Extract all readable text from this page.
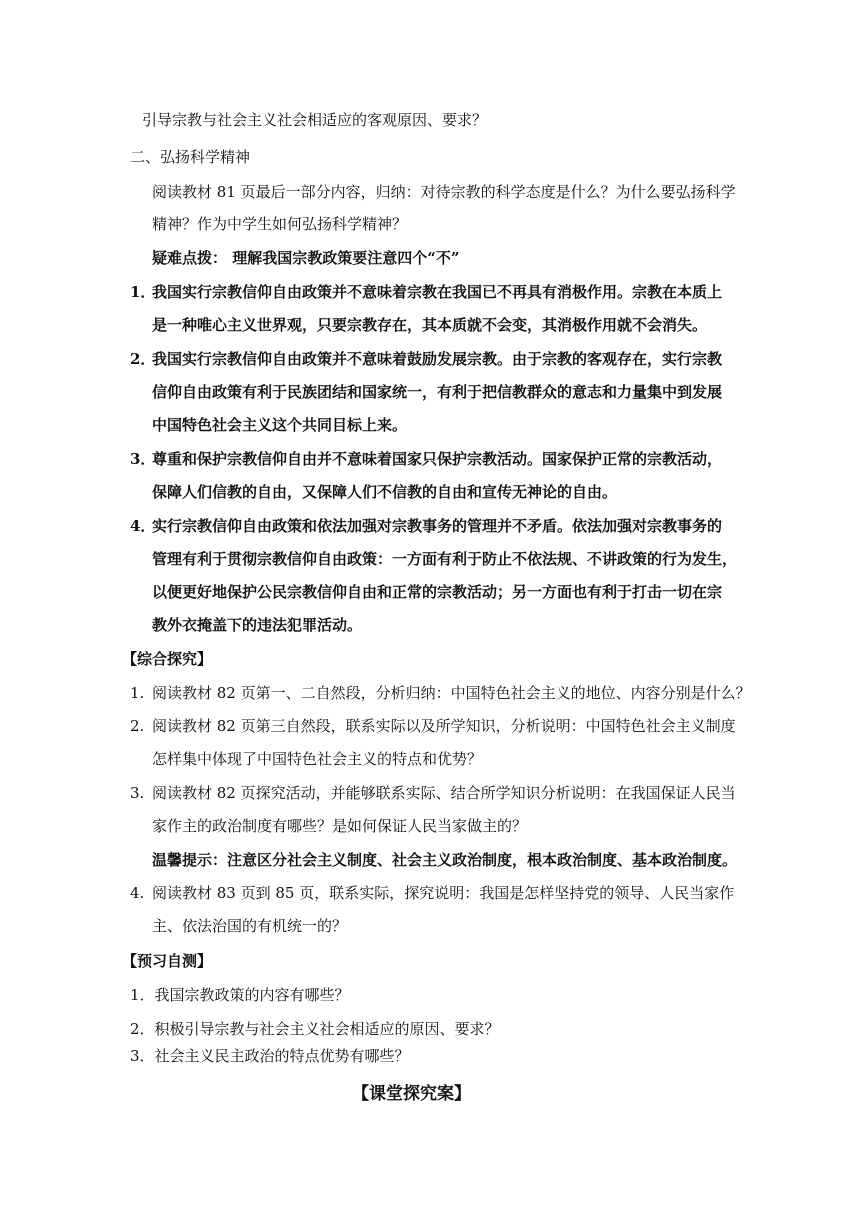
引导宗教与社会主义社会相适应的客观原因、要求？
二、弘扬科学精神
阅读教材 81 页最后一部分内容，归纳：对待宗教的科学态度是什么？为什么要弘扬科学
精神？作为中学生如何弘扬科学精神？
疑难点拨： 理解我国宗教政策要注意四个“不”
1．
我国实行宗教信仰自由政策并不意味着宗教在我国已不再具有消极作用。宗教在本质上
是一种唯心主义世界观，只要宗教存在，其本质就不会变，其消极作用就不会消失。
2．
我国实行宗教信仰自由政策并不意味着鼓励发展宗教。由于宗教的客观存在，实行宗教
信仰自由政策有利于民族团结和国家统一，有利于把信教群众的意志和力量集中到发展
中国特色社会主义这个共同目标上来。
3．
尊重和保护宗教信仰自由并不意味着国家只保护宗教活动。国家保护正常的宗教活动，
保障人们信教的自由，又保障人们不信教的自由和宣传无神论的自由。
4．
实行宗教信仰自由政策和依法加强对宗教事务的管理并不矛盾。依法加强对宗教事务的
管理有利于贯彻宗教信仰自由政策：一方面有利于防止不依法规、不讲政策的行为发生，
以便更好地保护公民宗教信仰自由和正常的宗教活动；另一方面也有利于打击一切在宗
教外衣掩盖下的违法犯罪活动。
【综合探究】
1. 阅读教材 82 页第一、二自然段，分析归纳：中国特色社会主义的地位、内容分别是什么？
2. 阅读教材 82 页第三自然段，联系实际以及所学知识，分析说明：中国特色社会主义制度
怎样集中体现了中国特色社会主义的特点和优势？
3. 阅读教材 82 页探究活动，并能够联系实际、结合所学知识分析说明：在我国保证人民当
家作主的政治制度有哪些？是如何保证人民当家做主的？
温馨提示：注意区分社会主义制度、社会主义政治制度，根本政治制度、基本政治制度。
4. 阅读教材 83 页到 85 页，联系实际，探究说明：我国是怎样坚持党的领导、人民当家作
主、依法治国的有机统一的？
【预习自测】
1．我国宗教政策的内容有哪些？
2．积极引导宗教与社会主义社会相适应的原因、要求？
3．社会主义民主政治的特点优势有哪些？
【课堂探究案】
